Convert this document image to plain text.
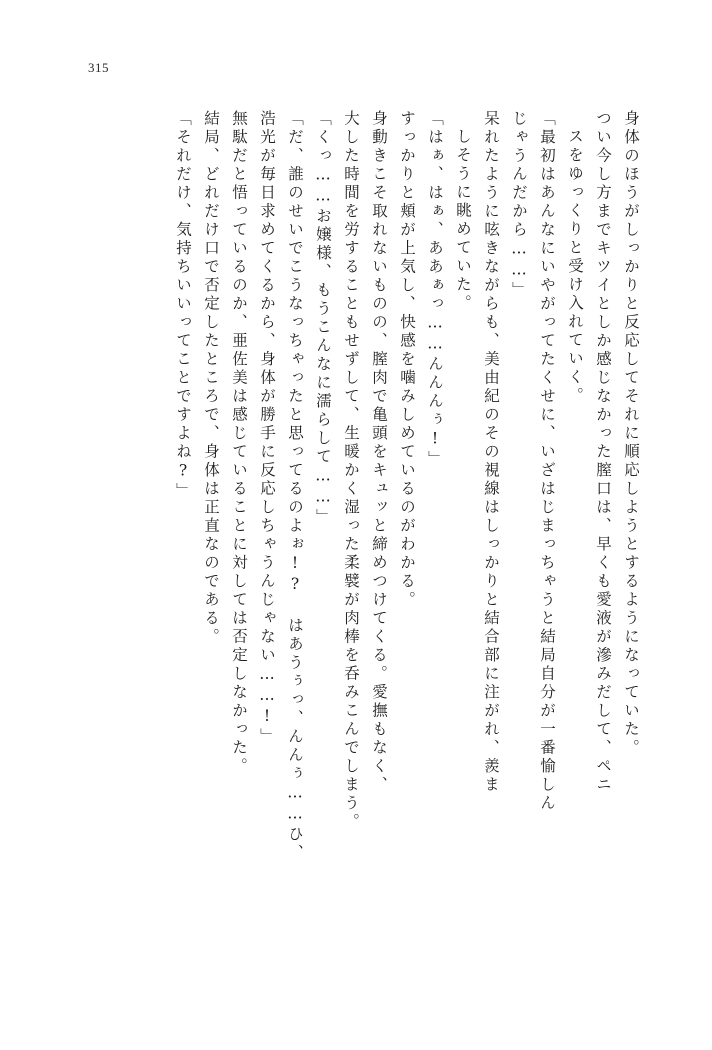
315
「それだけ、気持ちいいってことですよね?」 結局、どれだけ口で否定したところで、身体は正直なのである。 無駄だと悟っているのか、亜佐美は感じていることに対しては否定しなかった。 浩光が毎日求めてくるから、身体が勝手に反応しちゃうんじゃない……!」 「だ、誰のせいでこうなっちゃったと思ってるのよぉ!? はあうぅっ、んんぅ……ひ、 「くっ……お嬢様、もうこんなに濡らして……」 大した時間を労することもせずして、生暖かく湿った柔襞が肉棒を呑みこんでしまう。 身動きこそ取れないものの、膣肉で亀頭をキュッと締めつけてくる。愛撫もなく、 すっかりと頬が上気し、快感を噛みしめているのがわかる。 「はぁ、はぁ、ああぁっ……んんんぅ!」 しそうに眺めていた。 呆れたように呟きながらも、美由紀のその視線はしっかりと結合部に注がれ、羨ま じゃうんだから……」 「最初はあんなにいやがってたくせに、いざはじまっちゃうと結局自分が一番愉しん スをゆっくりと受け入れていく。 つい今し方までキツイとしか感じなかった膣口は、早くも愛液が滲みだして、ペニ 身体のほうがしっかりと反応してそれに順応しようとするようになっていた。
